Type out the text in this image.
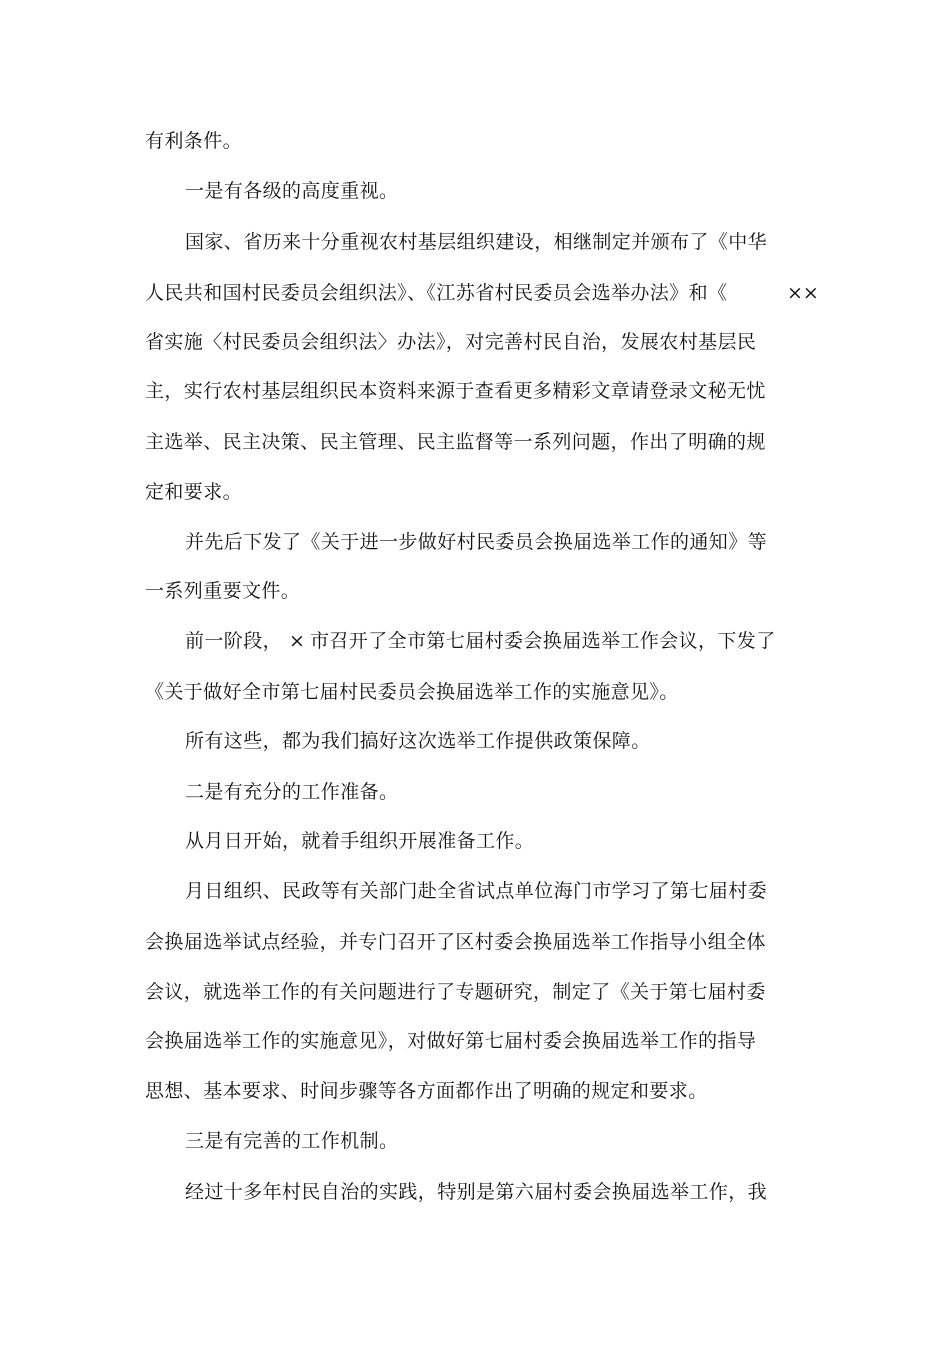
有利条件。
一是有各级的高度重视。
国家、省历来十分重视农村基层组织建设，相继制定并颁布了《中华
人民共和国村民委员会组织法》、《江苏省村民委员会选举办法》和《	××
省实施〈村民委员会组织法〉办法》，对完善村民自治，发展农村基层民
主，实行农村基层组织民本资料来源于查看更多精彩文章请登录文秘无忧
主选举、民主决策、民主管理、民主监督等一系列问题，作出了明确的规
定和要求。
并先后下发了《关于进一步做好村民委员会换届选举工作的通知》等
一系列重要文件。
前一阶段， × 市召开了全市第七届村委会换届选举工作会议，下发了
《关于做好全市第七届村民委员会换届选举工作的实施意见》。
所有这些，都为我们搞好这次选举工作提供政策保障。
二是有充分的工作准备。
从月日开始，就着手组织开展准备工作。
月日组织、民政等有关部门赴全省试点单位海门市学习了第七届村委
会换届选举试点经验，并专门召开了区村委会换届选举工作指导小组全体
会议，就选举工作的有关问题进行了专题研究，制定了《关于第七届村委
会换届选举工作的实施意见》，对做好第七届村委会换届选举工作的指导
思想、基本要求、时间步骤等各方面都作出了明确的规定和要求。
三是有完善的工作机制。
经过十多年村民自治的实践，特别是第六届村委会换届选举工作，我
